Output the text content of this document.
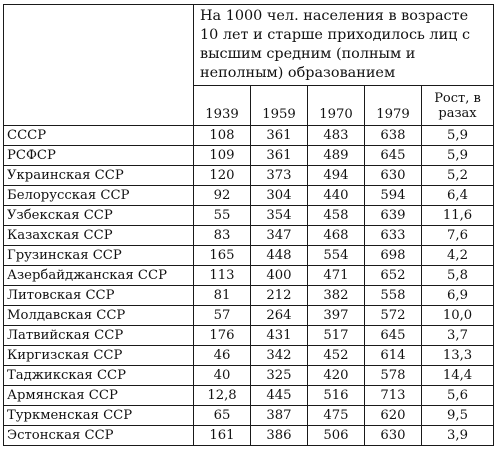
	На 1000 чел. населения в возрасте 10 лет и старше приходилось лиц с высшим средним (полным и неполным) образованием				
	1939	1959	1970	1979	Рост, в разах
СССР	108	361	483	638	5,9
РСФСР	109	361	489	645	5,9
Украинская ССР	120	373	494	630	5,2
Белорусская ССР	92	304	440	594	6,4
Узбекская ССР	55	354	458	639	11,6
Казахская ССР	83	347	468	633	7,6
Грузинская ССР	165	448	554	698	4,2
Азербайджанская ССР	113	400	471	652	5,8
Литовская ССР	81	212	382	558	6,9
Молдавская ССР	57	264	397	572	10,0
Латвийская ССР	176	431	517	645	3,7
Киргизская ССР	46	342	452	614	13,3
Таджикская ССР	40	325	420	578	14,4
Армянская ССР	12,8	445	516	713	5,6
Туркменская ССР	65	387	475	620	9,5
Эстонская ССР	161	386	506	630	3,9
